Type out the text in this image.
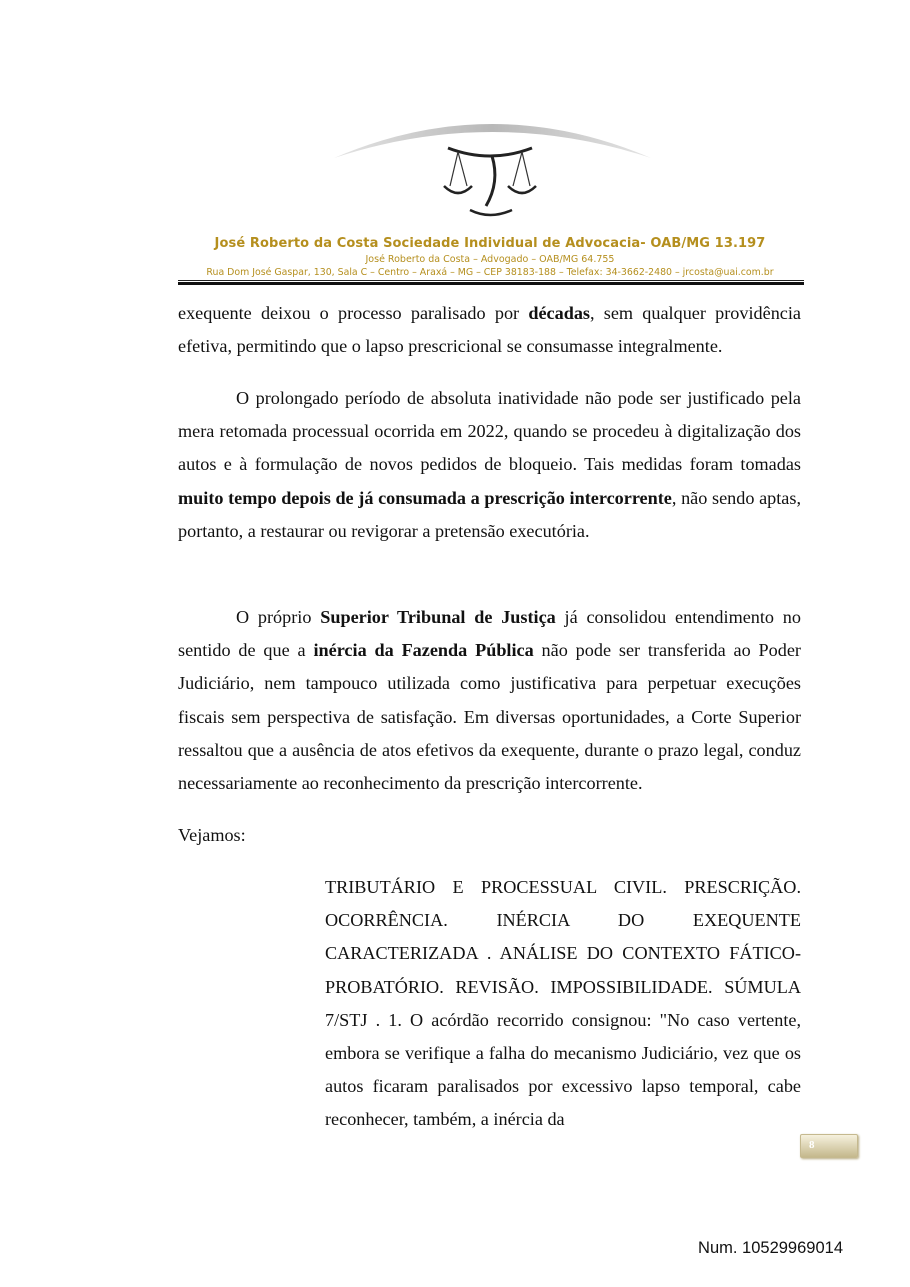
José Roberto da Costa Sociedade Individual de Advocacia- OAB/MG 13.197
José Roberto da Costa – Advogado – OAB/MG 64.755
Rua Dom José Gaspar, 130, Sala C – Centro – Araxá – MG – CEP 38183-188 – Telefax: 34-3662-2480 – jrcosta@uai.com.br

exequente deixou o processo paralisado por décadas, sem qualquer providência efetiva, permitindo que o lapso prescricional se consumasse integralmente.

O prolongado período de absoluta inatividade não pode ser justificado pela mera retomada processual ocorrida em 2022, quando se procedeu à digitalização dos autos e à formulação de novos pedidos de bloqueio. Tais medidas foram tomadas muito tempo depois de já consumada a prescrição intercorrente, não sendo aptas, portanto, a restaurar ou revigorar a pretensão executória.

O próprio Superior Tribunal de Justiça já consolidou entendimento no sentido de que a inércia da Fazenda Pública não pode ser transferida ao Poder Judiciário, nem tampouco utilizada como justificativa para perpetuar execuções fiscais sem perspectiva de satisfação. Em diversas oportunidades, a Corte Superior ressaltou que a ausência de atos efetivos da exequente, durante o prazo legal, conduz necessariamente ao reconhecimento da prescrição intercorrente.

Vejamos:

TRIBUTÁRIO E PROCESSUAL CIVIL. PRESCRIÇÃO. OCORRÊNCIA. INÉRCIA DO EXEQUENTE CARACTERIZADA . ANÁLISE DO CONTEXTO FÁTICO-PROBATÓRIO. REVISÃO. IMPOSSIBILIDADE. SÚMULA 7/STJ . 1. O acórdão recorrido consignou: "No caso vertente, embora se verifique a falha do mecanismo Judiciário, vez que os autos ficaram paralisados por excessivo lapso temporal, cabe reconhecer, também, a inércia da

8
Num. 10529969014
